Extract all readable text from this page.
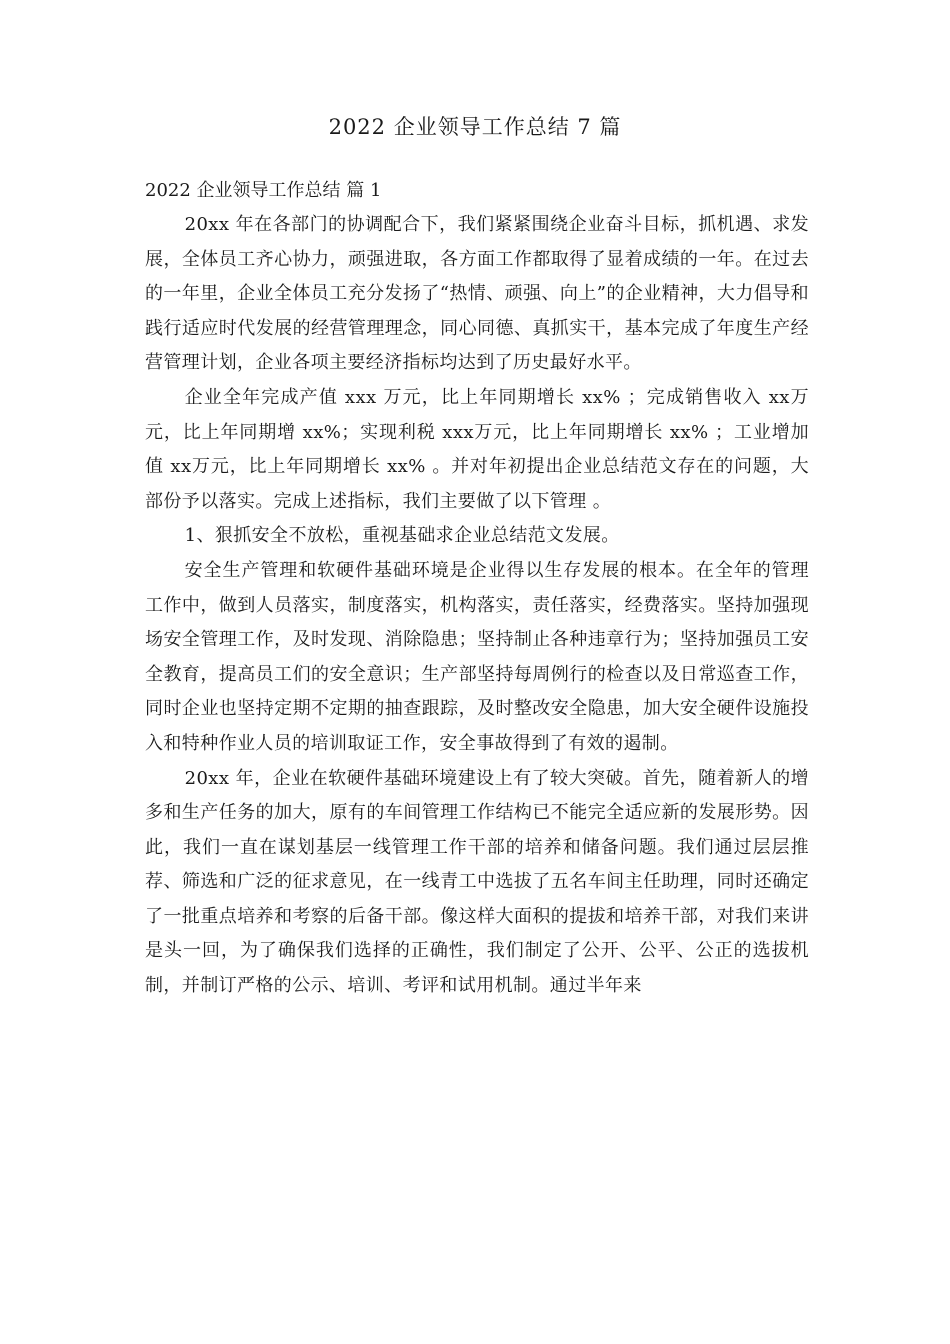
2022 企业领导工作总结 7 篇
2022 企业领导工作总结 篇 1

20xx 年在各部门的协调配合下，我们紧紧围绕企业奋斗目标，抓机遇、求发展，全体员工齐心协力，顽强进取，各方面工作都取得了显着成绩的一年。在过去的一年里，企业全体员工充分发扬了“热情、顽强、向上”的企业精神，大力倡导和践行适应时代发展的经营管理理念，同心同德、真抓实干，基本完成了年度生产经营管理计划，企业各项主要经济指标均达到了历史最好水平。

企业全年完成产值 xxx 万元，比上年同期增长 xx% ；完成销售收入 xx万元，比上年同期增 xx%；实现利税 xxx万元，比上年同期增长 xx% ；工业增加值 xx万元，比上年同期增长 xx% 。并对年初提出企业总结范文存在的问题，大部份予以落实。完成上述指标，我们主要做了以下管理 。

1、狠抓安全不放松，重视基础求企业总结范文发展。

安全生产管理和软硬件基础环境是企业得以生存发展的根本。在全年的管理工作中，做到人员落实，制度落实，机构落实，责任落实，经费落实。坚持加强现场安全管理工作，及时发现、消除隐患；坚持制止各种违章行为；坚持加强员工安全教育，提高员工们的安全意识；生产部坚持每周例行的检查以及日常巡查工作，同时企业也坚持定期不定期的抽查跟踪，及时整改安全隐患，加大安全硬件设施投入和特种作业人员的培训取证工作，安全事故得到了有效的遏制。

20xx 年，企业在软硬件基础环境建设上有了较大突破。首先，随着新人的增多和生产任务的加大，原有的车间管理工作结构已不能完全适应新的发展形势。因此，我们一直在谋划基层一线管理工作干部的培养和储备问题。我们通过层层推荐、筛选和广泛的征求意见，在一线青工中选拔了五名车间主任助理，同时还确定了一批重点培养和考察的后备干部。像这样大面积的提拔和培养干部，对我们来讲是头一回，为了确保我们选择的正确性，我们制定了公开、公平、公正的选拔机制，并制订严格的公示、培训、考评和试用机制。通过半年来
